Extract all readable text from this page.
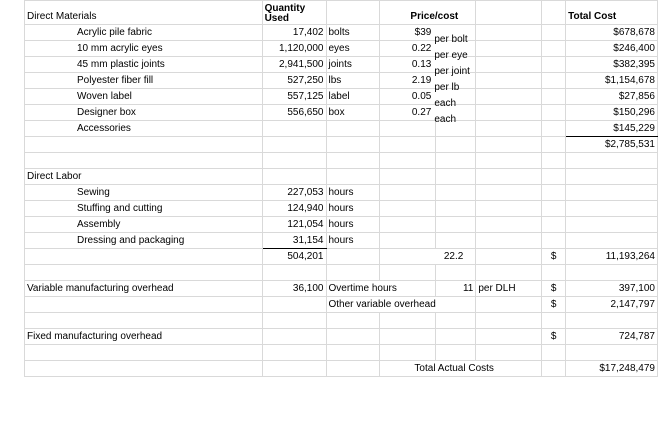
Direct Materials	Quantity
Used		Price/cost				Total Cost
Acrylic pile fabric	17,402	bolts	$39		per bolt		$678,678
10 mm acrylic eyes	1,120,000	eyes	0.22		per eye		$246,400
45 mm plastic joints	2,941,500	joints	0.13		per joint		$382,395
Polyester fiber fill	527,250	lbs	2.19		per lb		$1,154,678
Woven label	557,125	label	0.05		each		$27,856
Designer box	556,650	box	0.27		each		$150,296
Accessories							$145,229
							$2,785,531

Direct Labor							
Sewing	227,053	hours					
Stuffing and cutting	124,940	hours					
Assembly	121,054	hours					
Dressing and packaging	31,154	hours					
	504,201		22.2			$	11,193,264

Variable manufacturing overhead	36,100	Overtime hours		11	per DLH	$	397,100
		Other variable overhead				$	2,147,797

Fixed manufacturing overhead						$	724,787

			Total Actual Costs				$17,248,479
